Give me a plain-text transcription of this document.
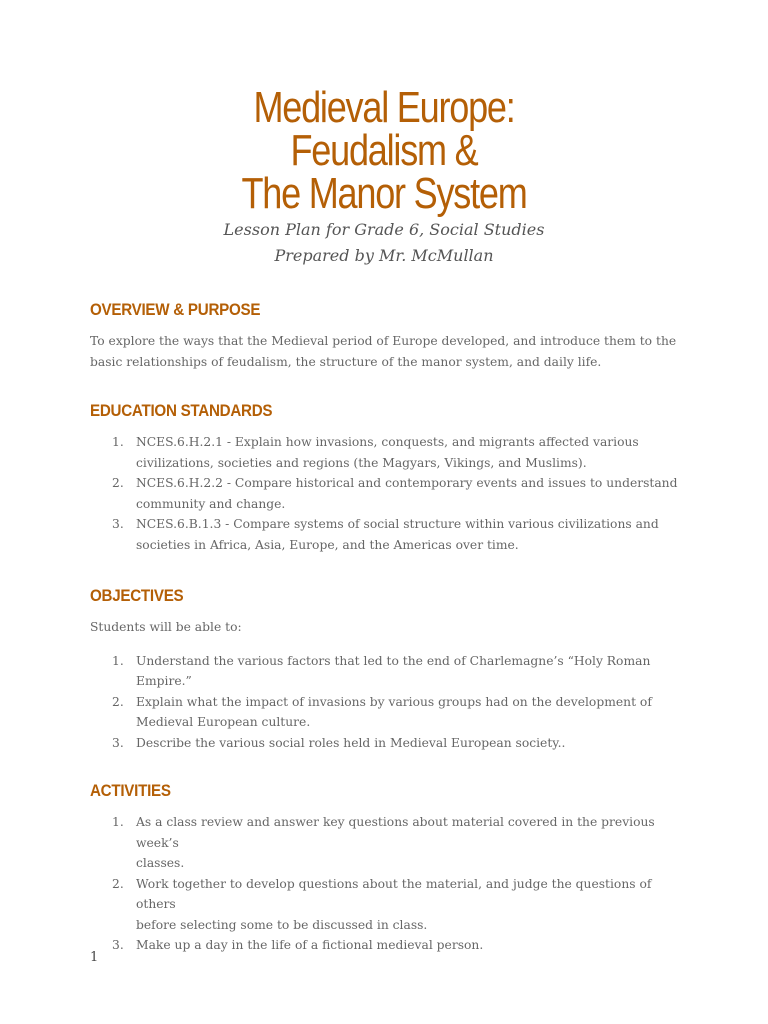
Medieval Europe:
Feudalism &
The Manor System
Lesson Plan for Grade 6, Social Studies
Prepared by Mr. McMullan
OVERVIEW & PURPOSE

To explore the ways that the Medieval period of Europe developed, and introduce them to the
basic relationships of feudalism, the structure of the manor system, and daily life.

EDUCATION STANDARDS
1. NCES.6.H.2.1 - Explain how invasions, conquests, and migrants affected various
civilizations, societies and regions (the Magyars, Vikings, and Muslims).
2. NCES.6.H.2.2 - Compare historical and contemporary events and issues to understand
community and change.
3. NCES.6.B.1.3 - Compare systems of social structure within various civilizations and
societies in Africa, Asia, Europe, and the Americas over time.
OBJECTIVES

Students will be able to:

1. Understand the various factors that led to the end of Charlemagne’s “Holy Roman
Empire.”
2. Explain what the impact of invasions by various groups had on the development of
Medieval European culture.
3. Describe the various social roles held in Medieval European society..
ACTIVITIES
1. As a class review and answer key questions about material covered in the previous week’s
classes.
2. Work together to develop questions about the material, and judge the questions of others
before selecting some to be discussed in class.
3. Make up a day in the life of a fictional medieval person.
1
